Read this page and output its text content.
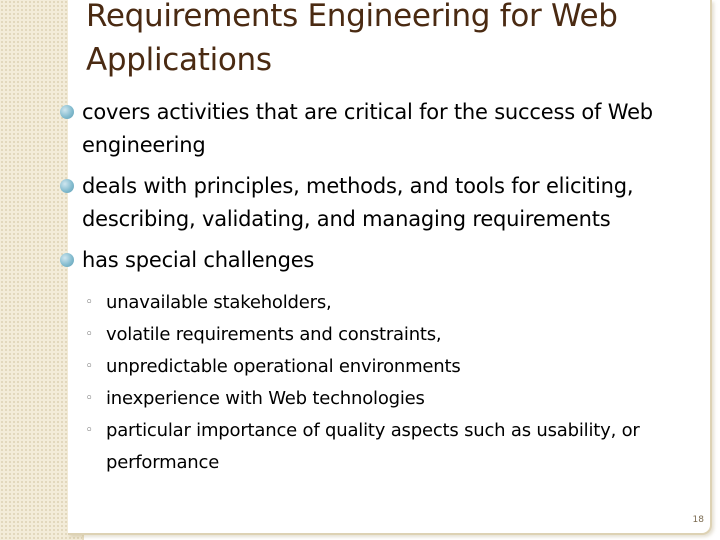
Requirements Engineering for Web Applications
covers activities that are critical for the success of Web engineering
deals with principles, methods, and tools for eliciting, describing, validating, and managing requirements
has special challenges
◦ unavailable stakeholders,
◦ volatile requirements and constraints,
◦ unpredictable operational environments
◦ inexperience with Web technologies
◦ particular importance of quality aspects such as usability, or performance
18
